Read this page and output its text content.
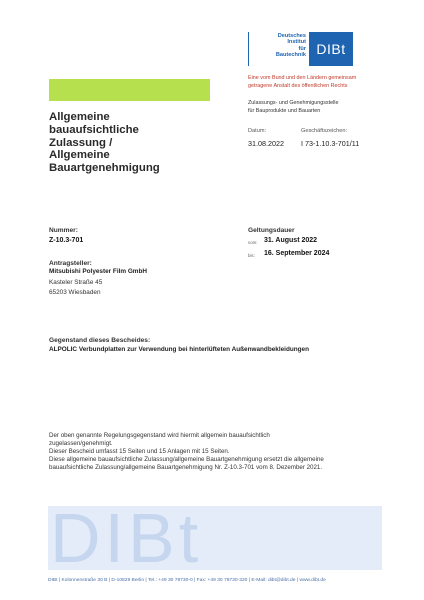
Deutsches
Institut
für
Bautechnik DIBt
Eine vom Bund und den Ländern gemeinsam
getragene Anstalt des öffentlichen Rechts
Zulassungs- und Genehmigungsstelle
für Bauprodukte und Bauarten
Datum:
31.08.2022
Geschäftszeichen:
I 73-1.10.3-701/11
Allgemeine
bauaufsichtliche
Zulassung /
Allgemeine
Bauartgenehmigung
Nummer:
Z-10.3-701
Geltungsdauer
vom: 31. August 2022
bis: 16. September 2024
Antragsteller:
Mitsubishi Polyester Film GmbH
Kasteler Straße 45
65203 Wiesbaden
Gegenstand dieses Bescheides:
ALPOLIC Verbundplatten zur Verwendung bei hinterlüfteten Außenwandbekleidungen
Der oben genannte Regelungsgegenstand wird hiermit allgemein bauaufsichtlich
zugelassen/genehmigt.
Dieser Bescheid umfasst 15 Seiten und 15 Anlagen mit 15 Seiten.
Diese allgemeine bauaufsichtliche Zulassung/allgemeine Bauartgenehmigung ersetzt die allgemeine
bauaufsichtliche Zulassung/allgemeine Bauartgenehmigung Nr. Z-10.3-701 vom 8. Dezember 2021.
DIBt
DIBt | Kolonnenstraße 30 B | D-10829 Berlin | Tel.: +49 30 78730-0 | Fax: +49 30 78730-320 | E-Mail: dibt@dibt.de | www.dibt.de
